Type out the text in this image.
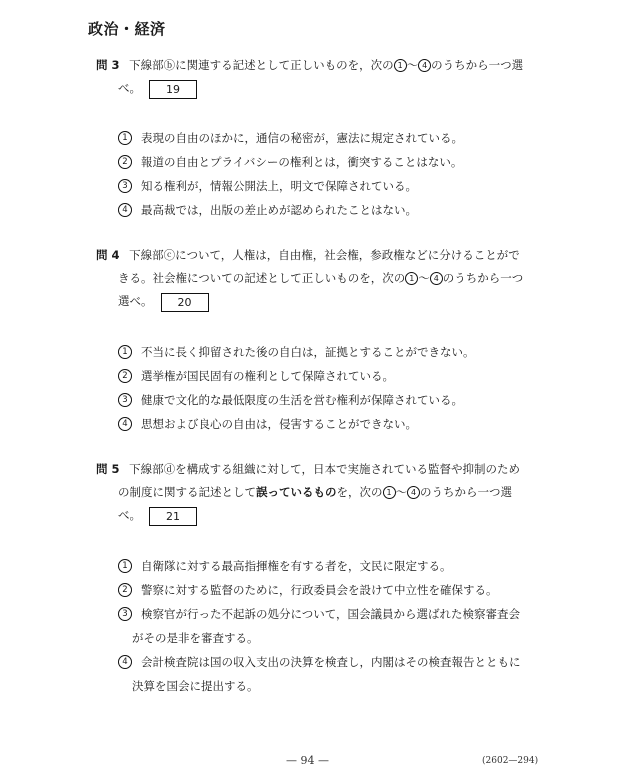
政治・経済
問 3 下線部ⓑに関連する記述として正しいものを，次の 1 ～ 4 のうちから一つ選
べ。 19
1 表現の自由のほかに，通信の秘密が，憲法に規定されている。
2 報道の自由とプライバシーの権利とは，衝突することはない。
3 知る権利が，情報公開法上，明文で保障されている。
4 最高裁では，出版の差止めが認められたことはない。
問 4 下線部ⓒについて，人権は，自由権，社会権，参政権などに分けることがで
きる。社会権についての記述として正しいものを，次の 1 ～ 4 のうちから一つ
選べ。 20
1 不当に長く抑留された後の自白は，証拠とすることができない。
2 選挙権が国民固有の権利として保障されている。
3 健康で文化的な最低限度の生活を営む権利が保障されている。
4 思想および良心の自由は，侵害することができない。
問 5 下線部ⓓを構成する組織に対して，日本で実施されている監督や抑制のため
の制度に関する記述として誤っているものを，次の 1 ～ 4 のうちから一つ選
べ。 21
1 自衛隊に対する最高指揮権を有する者を，文民に限定する。
2 警察に対する監督のために，行政委員会を設けて中立性を確保する。
3 検察官が行った不起訴の処分について，国会議員から選ばれた検察審査会
がその是非を審査する。
4 会計検査院は国の収入支出の決算を検査し，内閣はその検査報告とともに
決算を国会に提出する。
— 94 —	(2602—294)
